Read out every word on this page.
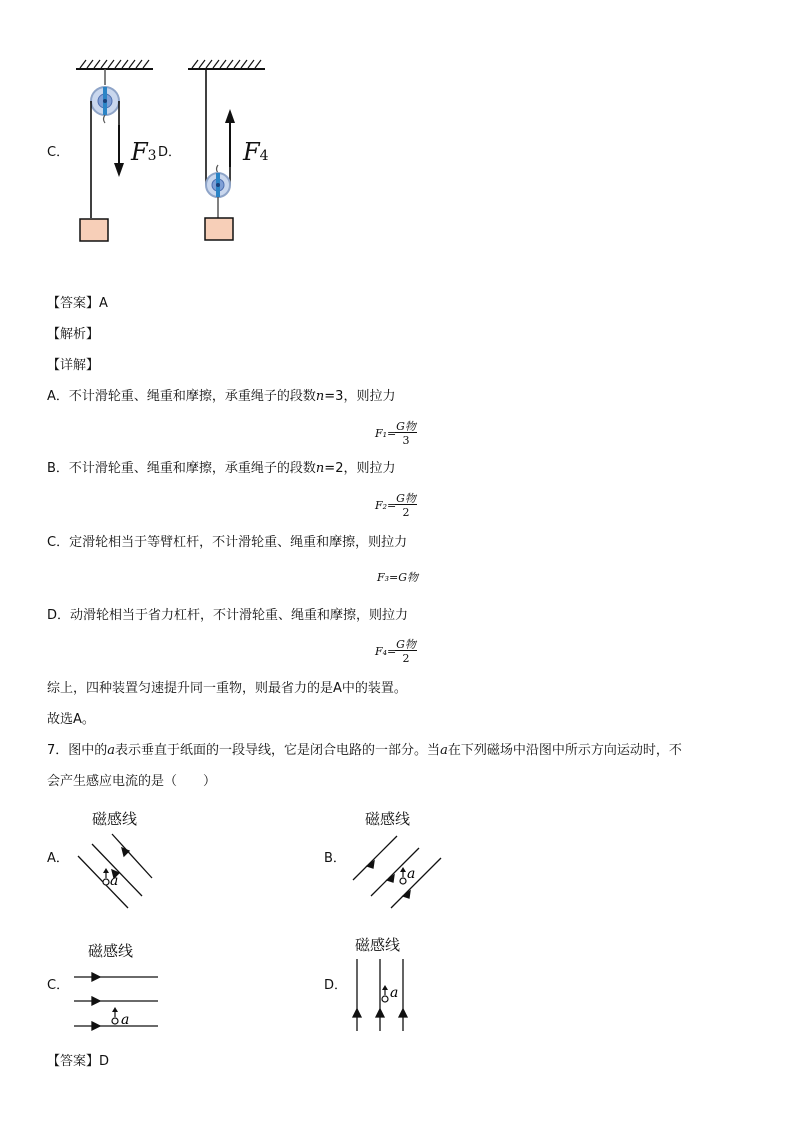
C．	F3 D．	F4
【答案】A
【解析】
【详解】
A．不计滑轮重、绳重和摩擦，承重绳子的段数n=3，则拉力
F₁=
G物
3
B．不计滑轮重、绳重和摩擦，承重绳子的段数n=2，则拉力
F₂=
G物
2
C．定滑轮相当于等臂杠杆，不计滑轮重、绳重和摩擦，则拉力
F₃=G物
D．动滑轮相当于省力杠杆，不计滑轮重、绳重和摩擦，则拉力
F₄=
G物
2
综上，四种装置匀速提升同一重物，则最省力的是A中的装置。
故选A。
7．图中的a表示垂直于纸面的一段导线，它是闭合电路的一部分。当a在下列磁场中沿图中所示方向运动时，不
会产生感应电流的是（　　）
磁感线
A．
a
磁感线
B．
a
磁感线
C．
a
磁感线
D．	a
【答案】D
